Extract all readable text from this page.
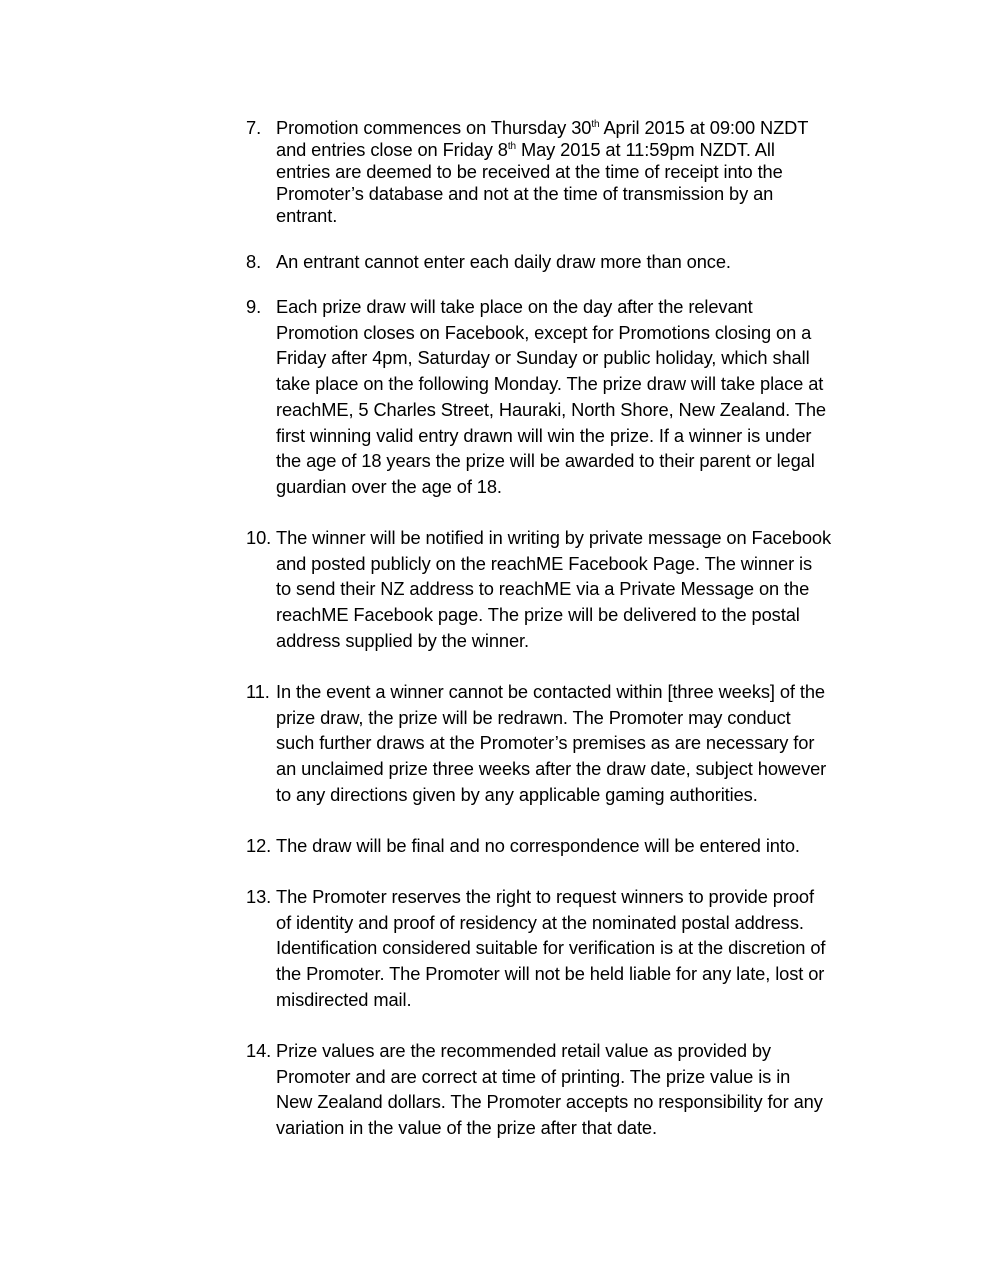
7. Promotion commences on Thursday 30th April 2015 at 09:00 NZDT
and entries close on Friday 8th May 2015 at 11:59pm NZDT. All
entries are deemed to be received at the time of receipt into the
Promoter’s database and not at the time of transmission by an
entrant.
8. An entrant cannot enter each daily draw more than once.
9. Each prize draw will take place on the day after the relevant
Promotion closes on Facebook, except for Promotions closing on a
Friday after 4pm, Saturday or Sunday or public holiday, which shall
take place on the following Monday. The prize draw will take place at
reachME, 5 Charles Street, Hauraki, North Shore, New Zealand. The
first winning valid entry drawn will win the prize. If a winner is under
the age of 18 years the prize will be awarded to their parent or legal
guardian over the age of 18.
10. The winner will be notified in writing by private message on Facebook
and posted publicly on the reachME Facebook Page. The winner is
to send their NZ address to reachME via a Private Message on the
reachME Facebook page. The prize will be delivered to the postal
address supplied by the winner.
11. In the event a winner cannot be contacted within [three weeks] of the
prize draw, the prize will be redrawn. The Promoter may conduct
such further draws at the Promoter’s premises as are necessary for
an unclaimed prize three weeks after the draw date, subject however
to any directions given by any applicable gaming authorities.
12. The draw will be final and no correspondence will be entered into.
13. The Promoter reserves the right to request winners to provide proof
of identity and proof of residency at the nominated postal address.
Identification considered suitable for verification is at the discretion of
the Promoter. The Promoter will not be held liable for any late, lost or
misdirected mail.
14. Prize values are the recommended retail value as provided by
Promoter and are correct at time of printing. The prize value is in
New Zealand dollars. The Promoter accepts no responsibility for any
variation in the value of the prize after that date.
